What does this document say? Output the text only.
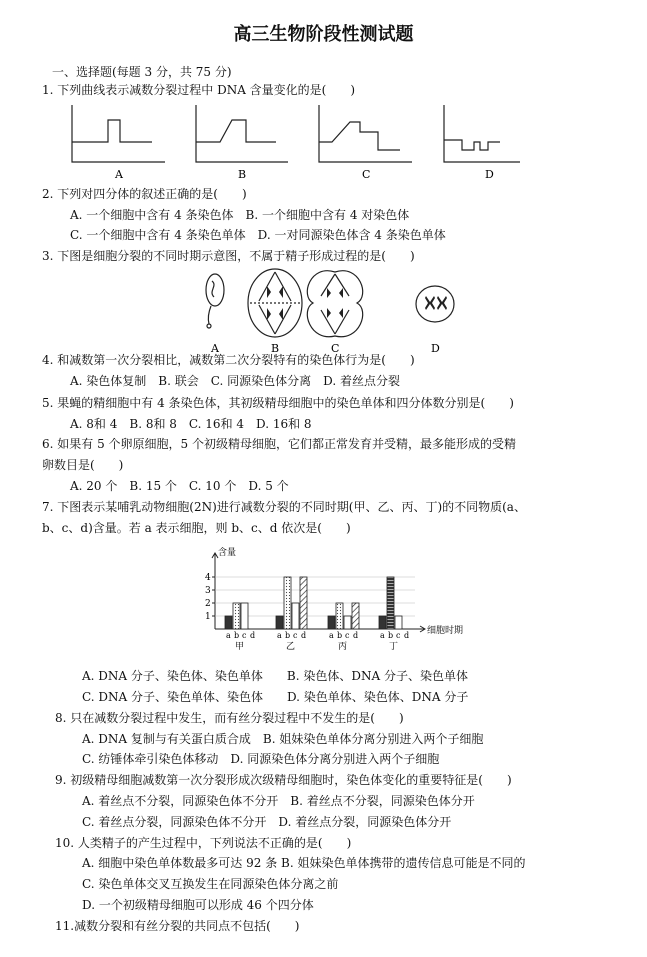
高三生物阶段性测试题
一、选择题(每题 3 分，共 75 分)
1. 下列曲线表示减数分裂过程中 DNA 含量变化的是(　　)
A	B	C	D
2. 下列对四分体的叙述正确的是(　　)
A. 一个细胞中含有 4 条染色体　B. 一个细胞中含有 4 对染色体
C. 一个细胞中含有 4 条染色单体　D. 一对同源染色体含 4 条染色单体
3. 下图是细胞分裂的不同时期示意图，不属于精子形成过程的是(　　)
A	B	C	D
4. 和减数第一次分裂相比，减数第二次分裂特有的染色体行为是(　　)
A. 染色体复制　B. 联会　C. 同源染色体分离　D. 着丝点分裂
5. 果蝇的精细胞中有 4 条染色体，其初级精母细胞中的染色单体和四分体数分别是(　　)
A. 8和 4　B. 8和 8　C. 16和 4　D. 16和 8
6. 如果有 5 个卵原细胞，5 个初级精母细胞，它们都正常发育并受精，最多能形成的受精
卵数目是(　　)
A. 20 个　B. 15 个　C. 10 个　D. 5 个
7. 下图表示某哺乳动物细胞(2N)进行减数分裂的不同时期(甲、乙、丙、丁)的不同物质(a、
b、c、d)含量。若 a 表示细胞，则 b、c、d 依次是(　　)
含量
细胞时期
1
2
3
4
a b c d
甲
a b c d
乙
a b c d
丙
a b c d
丁
A. DNA 分子、染色体、染色单体　　B. 染色体、DNA 分子、染色单体
C. DNA 分子、染色单体、染色体　　D. 染色单体、染色体、DNA 分子
8. 只在减数分裂过程中发生，而有丝分裂过程中不发生的是(　　)
A. DNA 复制与有关蛋白质合成　B. 姐妹染色单体分离分别进入两个子细胞
C. 纺锤体牵引染色体移动　D. 同源染色体分离分别进入两个子细胞
9. 初级精母细胞减数第一次分裂形成次级精母细胞时，染色体变化的重要特征是(　　)
A. 着丝点不分裂，同源染色体不分开　B. 着丝点不分裂，同源染色体分开
C. 着丝点分裂，同源染色体不分开　D. 着丝点分裂，同源染色体分开
10. 人类精子的产生过程中，下列说法不正确的是(　　)
A. 细胞中染色单体数最多可达 92 条 B. 姐妹染色单体携带的遗传信息可能是不同的
C. 染色单体交叉互换发生在同源染色体分离之前
D. 一个初级精母细胞可以形成 46 个四分体
11.减数分裂和有丝分裂的共同点不包括(　　)
